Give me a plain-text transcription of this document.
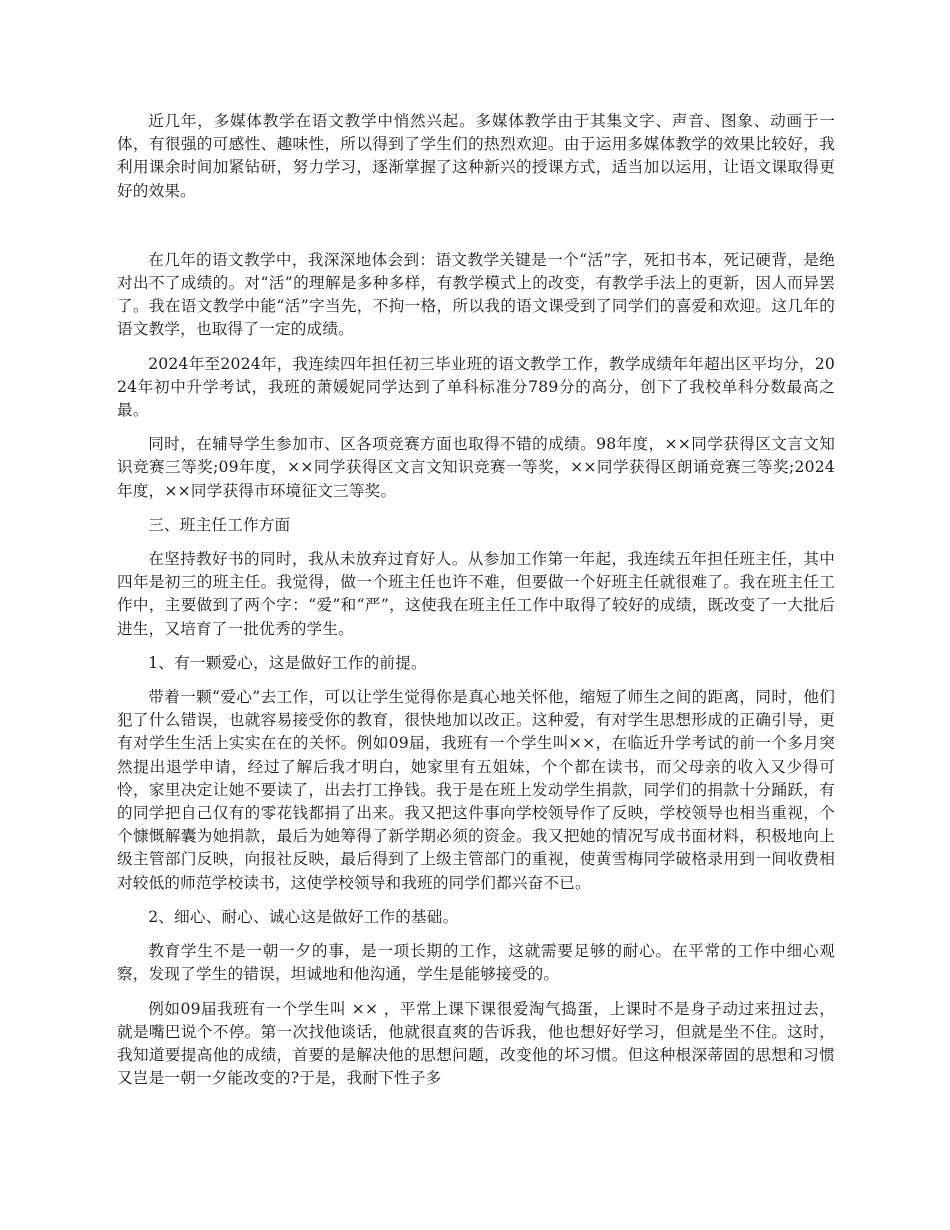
近几年，多媒体教学在语文教学中悄然兴起。多媒体教学由于其集文字、声音、图象、动画于一体，有很强的可感性、趣味性，所以得到了学生们的热烈欢迎。由于运用多媒体教学的效果比较好，我利用课余时间加紧钻研，努力学习，逐渐掌握了这种新兴的授课方式，适当加以运用，让语文课取得更好的效果。

在几年的语文教学中，我深深地体会到：语文教学关键是一个“活”字，死扣书本，死记硬背，是绝对出不了成绩的。对“活”的理解是多种多样，有教学模式上的改变，有教学手法上的更新，因人而异罢了。我在语文教学中能“活”字当先，不拘一格，所以我的语文课受到了同学们的喜爱和欢迎。这几年的语文教学，也取得了一定的成绩。

2024年至2024年，我连续四年担任初三毕业班的语文教学工作，教学成绩年年超出区平均分，2024年初中升学考试，我班的萧媛妮同学达到了单科标准分789分的高分，创下了我校单科分数最高之最。

同时，在辅导学生参加市、区各项竞赛方面也取得不错的成绩。98年度，××同学获得区文言文知识竞赛三等奖;09年度，××同学获得区文言文知识竞赛一等奖，××同学获得区朗诵竞赛三等奖;2024年度，××同学获得市环境征文三等奖。

三、班主任工作方面

在坚持教好书的同时，我从未放弃过育好人。从参加工作第一年起，我连续五年担任班主任，其中四年是初三的班主任。我觉得，做一个班主任也许不难，但要做一个好班主任就很难了。我在班主任工作中，主要做到了两个字：“爱”和“严”，这使我在班主任工作中取得了较好的成绩，既改变了一大批后进生，又培育了一批优秀的学生。

1、有一颗爱心，这是做好工作的前提。

带着一颗“爱心”去工作，可以让学生觉得你是真心地关怀他，缩短了师生之间的距离，同时，他们犯了什么错误，也就容易接受你的教育，很快地加以改正。这种爱，有对学生思想形成的正确引导，更有对学生生活上实实在在的关怀。例如09届，我班有一个学生叫××，在临近升学考试的前一个多月突然提出退学申请，经过了解后我才明白，她家里有五姐妹，个个都在读书，而父母亲的收入又少得可怜，家里决定让她不要读了，出去打工挣钱。我于是在班上发动学生捐款，同学们的捐款十分踊跃，有的同学把自己仅有的零花钱都捐了出来。我又把这件事向学校领导作了反映，学校领导也相当重视，个个慷慨解囊为她捐款，最后为她筹得了新学期必须的资金。我又把她的情况写成书面材料，积极地向上级主管部门反映，向报社反映，最后得到了上级主管部门的重视，使黄雪梅同学破格录用到一间收费相对较低的师范学校读书，这使学校领导和我班的同学们都兴奋不已。

2、细心、耐心、诚心这是做好工作的基础。

教育学生不是一朝一夕的事，是一项长期的工作，这就需要足够的耐心。在平常的工作中细心观察，发现了学生的错误，坦诚地和他沟通，学生是能够接受的。

例如09届我班有一个学生叫 ×× ，平常上课下课很爱淘气捣蛋，上课时不是身子动过来扭过去，就是嘴巴说个不停。第一次找他谈话，他就很直爽的告诉我，他也想好好学习，但就是坐不住。这时，我知道要提高他的成绩，首要的是解决他的思想问题，改变他的坏习惯。但这种根深蒂固的思想和习惯又岂是一朝一夕能改变的?于是，我耐下性子多
